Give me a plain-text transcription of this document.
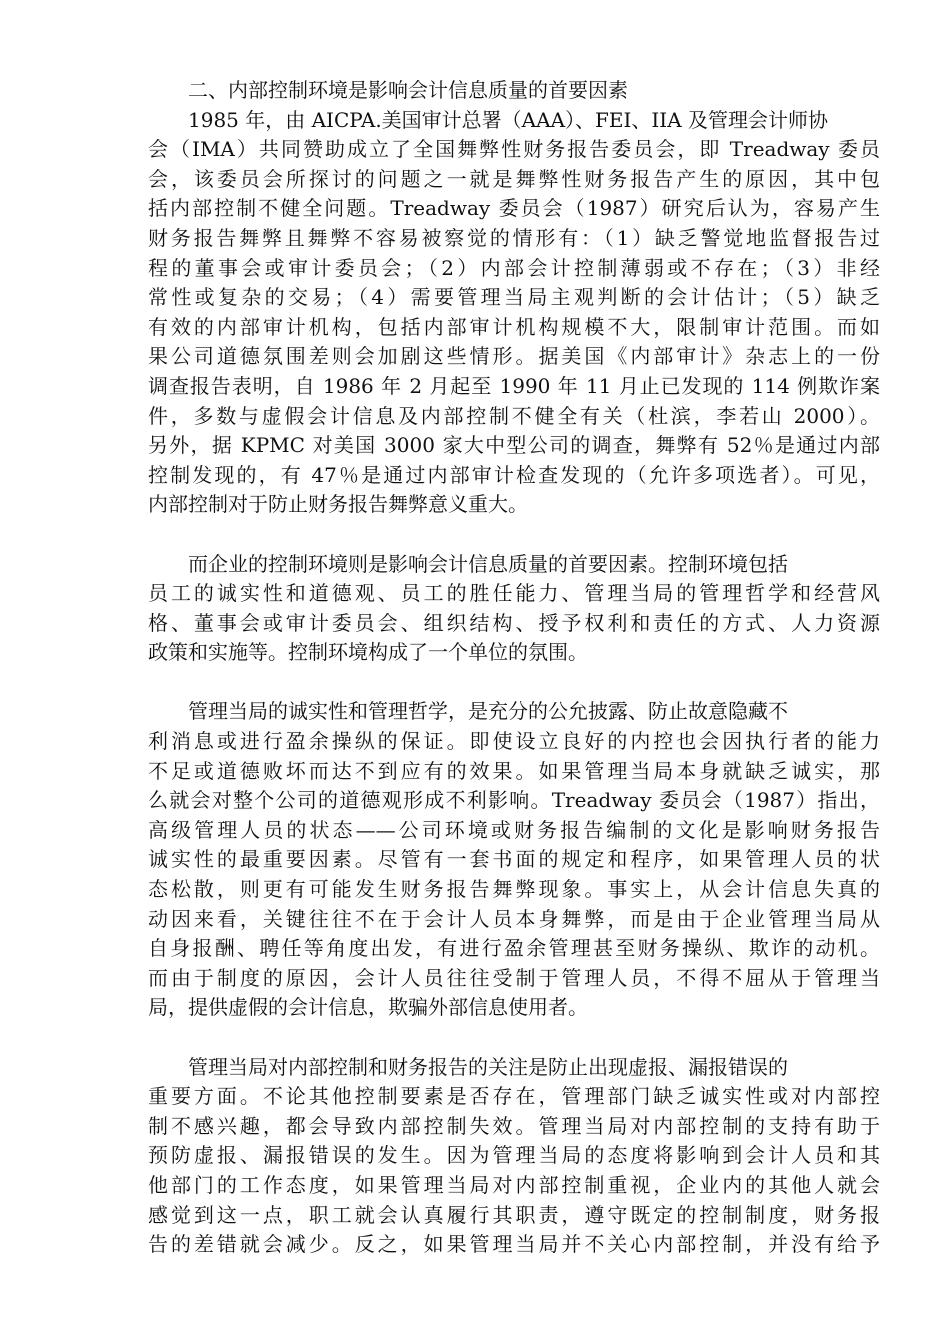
二、内部控制环境是影响会计信息质量的首要因素
1985 年，由 AICPA.美国审计总署（AAA）、FEI、IIA 及管理会计师协
会（IMA）共同赞助成立了全国舞弊性财务报告委员会，即 Treadway 委员
会，该委员会所探讨的问题之一就是舞弊性财务报告产生的原因，其中包
括内部控制不健全问题。Treadway 委员会（1987）研究后认为，容易产生
财务报告舞弊且舞弊不容易被察觉的情形有：（1）缺乏警觉地监督报告过
程的董事会或审计委员会；（2）内部会计控制薄弱或不存在；（3）非经
常性或复杂的交易；（4）需要管理当局主观判断的会计估计；（5）缺乏
有效的内部审计机构，包括内部审计机构规模不大，限制审计范围。而如
果公司道德氛围差则会加剧这些情形。据美国《内部审计》杂志上的一份
调查报告表明，自 1986 年 2 月起至 1990 年 11 月止已发现的 114 例欺诈案
件，多数与虚假会计信息及内部控制不健全有关（杜滨，李若山 2000）。
另外，据 KPMC 对美国 3000 家大中型公司的调查，舞弊有 52％是通过内部
控制发现的，有 47％是通过内部审计检查发现的（允许多项选者）。可见，
内部控制对于防止财务报告舞弊意义重大。
而企业的控制环境则是影响会计信息质量的首要因素。控制环境包括
员工的诚实性和道德观、员工的胜任能力、管理当局的管理哲学和经营风
格、董事会或审计委员会、组织结构、授予权利和责任的方式、人力资源
政策和实施等。控制环境构成了一个单位的氛围。
管理当局的诚实性和管理哲学，是充分的公允披露、防止故意隐藏不
利消息或进行盈余操纵的保证。即使设立良好的内控也会因执行者的能力
不足或道德败坏而达不到应有的效果。如果管理当局本身就缺乏诚实，那
么就会对整个公司的道德观形成不利影响。Treadway 委员会（1987）指出，
高级管理人员的状态——公司环境或财务报告编制的文化是影响财务报告
诚实性的最重要因素。尽管有一套书面的规定和程序，如果管理人员的状
态松散，则更有可能发生财务报告舞弊现象。事实上，从会计信息失真的
动因来看，关键往往不在于会计人员本身舞弊，而是由于企业管理当局从
自身报酬、聘任等角度出发，有进行盈余管理甚至财务操纵、欺诈的动机。
而由于制度的原因，会计人员往往受制于管理人员，不得不屈从于管理当
局，提供虚假的会计信息，欺骗外部信息使用者。
管理当局对内部控制和财务报告的关注是防止出现虚报、漏报错误的
重要方面。不论其他控制要素是否存在，管理部门缺乏诚实性或对内部控
制不感兴趣，都会导致内部控制失效。管理当局对内部控制的支持有助于
预防虚报、漏报错误的发生。因为管理当局的态度将影响到会计人员和其
他部门的工作态度，如果管理当局对内部控制重视，企业内的其他人就会
感觉到这一点，职工就会认真履行其职责，遵守既定的控制制度，财务报
告的差错就会减少。反之，如果管理当局并不关心内部控制，并没有给予
